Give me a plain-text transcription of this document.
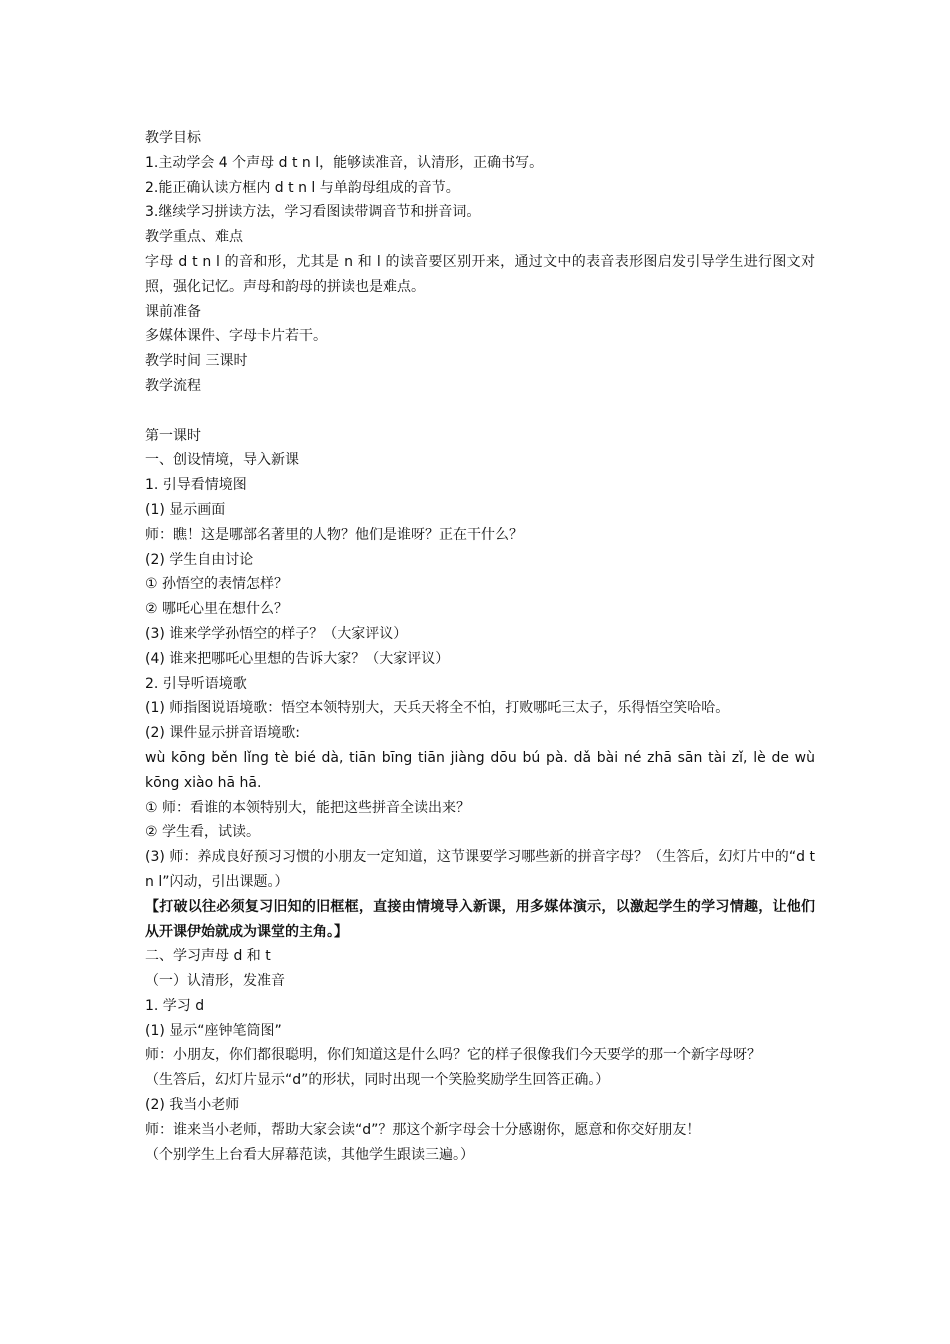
教学目标
1.主动学会 4 个声母 d t n l，能够读准音，认清形，正确书写。
2.能正确认读方框内 d t n l 与单韵母组成的音节。
3.继续学习拼读方法，学习看图读带调音节和拼音词。
教学重点、难点
字母 d t n l 的音和形，尤其是 n 和 l 的读音要区别开来，通过文中的表音表形图启发引导学生进行图文对照，强化记忆。声母和韵母的拼读也是难点。
课前准备
多媒体课件、字母卡片若干。
教学时间 三课时
教学流程
第一课时
一、创设情境，导入新课
1. 引导看情境图
(1) 显示画面
师：瞧！这是哪部名著里的人物？他们是谁呀？正在干什么？
(2) 学生自由讨论
① 孙悟空的表情怎样？
② 哪吒心里在想什么？
(3) 谁来学学孙悟空的样子？（大家评议）
(4) 谁来把哪吒心里想的告诉大家？（大家评议）
2. 引导听语境歌
(1) 师指图说语境歌：悟空本领特别大，天兵天将全不怕，打败哪吒三太子，乐得悟空笑哈哈。
(2) 课件显示拼音语境歌:
wù kōng běn lǐng tè bié dà, tiān bīng tiān jiàng dōu bú pà. dǎ bài né zhā sān tài zǐ, lè de wù kōng xiào hā hā.
① 师：看谁的本领特别大，能把这些拼音全读出来？
② 学生看，试读。
(3) 师：养成良好预习习惯的小朋友一定知道，这节课要学习哪些新的拼音字母？（生答后，幻灯片中的“d t n l”闪动，引出课题。）
【打破以往必须复习旧知的旧框框，直接由情境导入新课，用多媒体演示，以激起学生的学习情趣，让他们从开课伊始就成为课堂的主角。】
二、学习声母 d 和 t
（一）认清形，发准音
1. 学习 d
(1) 显示“座钟笔筒图”
师：小朋友，你们都很聪明，你们知道这是什么吗？它的样子很像我们今天要学的那一个新字母呀？
（生答后，幻灯片显示“d”的形状，同时出现一个笑脸奖励学生回答正确。）
(2) 我当小老师
师：谁来当小老师，帮助大家会读“d”？那这个新字母会十分感谢你，愿意和你交好朋友！
（个别学生上台看大屏幕范读，其他学生跟读三遍。）
